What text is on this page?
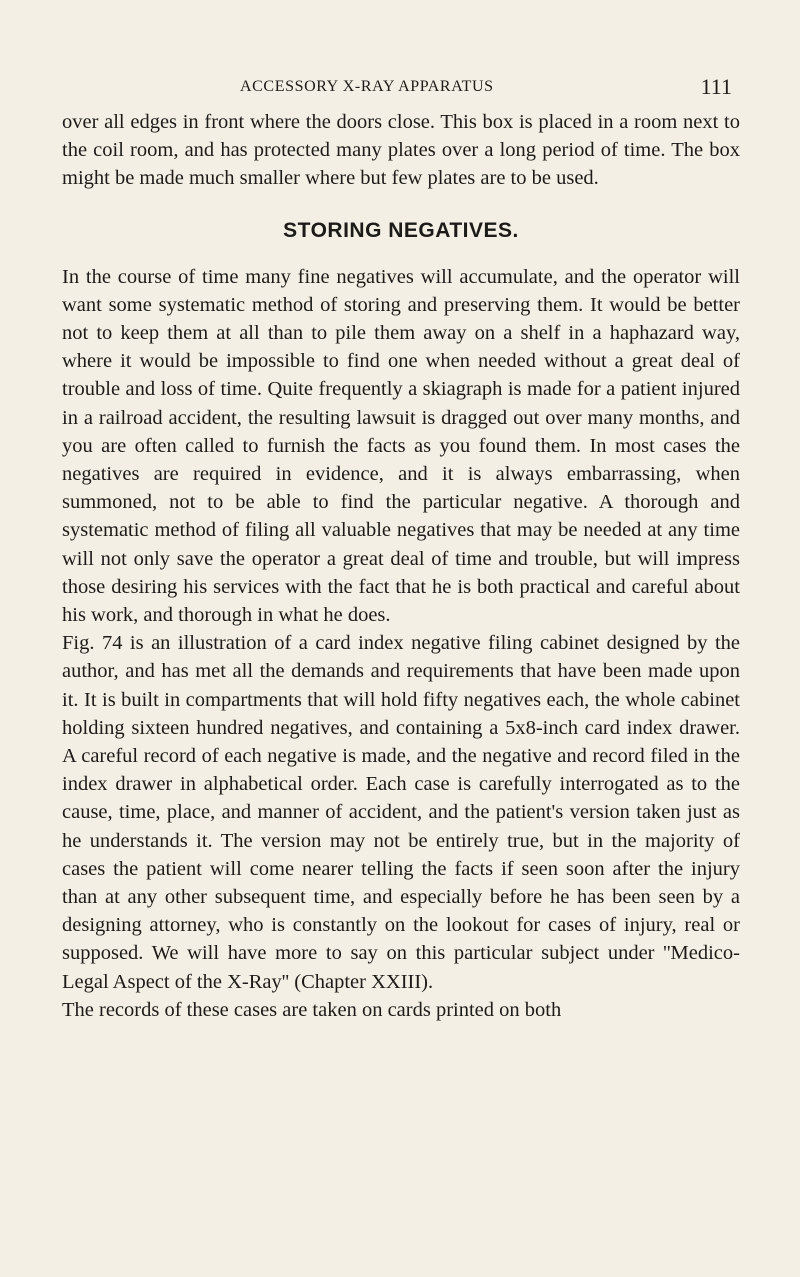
ACCESSORY X-RAY APPARATUS	111

over all edges in front where the doors close. This box is placed in a room next to the coil room, and has protected many plates over a long period of time. The box might be made much smaller where but few plates are to be used.

STORING NEGATIVES.

In the course of time many fine negatives will accumulate, and the operator will want some systematic method of storing and preserving them. It would be better not to keep them at all than to pile them away on a shelf in a haphazard way, where it would be impossible to find one when needed without a great deal of trouble and loss of time. Quite frequently a skiagraph is made for a patient injured in a railroad accident, the resulting lawsuit is dragged out over many months, and you are often called to furnish the facts as you found them. In most cases the negatives are required in evidence, and it is always embarrassing, when summoned, not to be able to find the particular negative. A thorough and systematic method of filing all valuable negatives that may be needed at any time will not only save the operator a great deal of time and trouble, but will impress those desiring his services with the fact that he is both practical and careful about his work, and thorough in what he does.

Fig. 74 is an illustration of a card index negative filing cabinet designed by the author, and has met all the demands and requirements that have been made upon it. It is built in compartments that will hold fifty negatives each, the whole cabinet holding sixteen hundred negatives, and containing a 5x8-inch card index drawer. A careful record of each negative is made, and the negative and record filed in the index drawer in alphabetical order. Each case is carefully interrogated as to the cause, time, place, and manner of accident, and the patient's version taken just as he understands it. The version may not be entirely true, but in the majority of cases the patient will come nearer telling the facts if seen soon after the injury than at any other subsequent time, and especially before he has been seen by a designing attorney, who is constantly on the lookout for cases of injury, real or supposed. We will have more to say on this particular subject under ''Medico-Legal Aspect of the X-Ray'' (Chapter XXIII).

The records of these cases are taken on cards printed on both
